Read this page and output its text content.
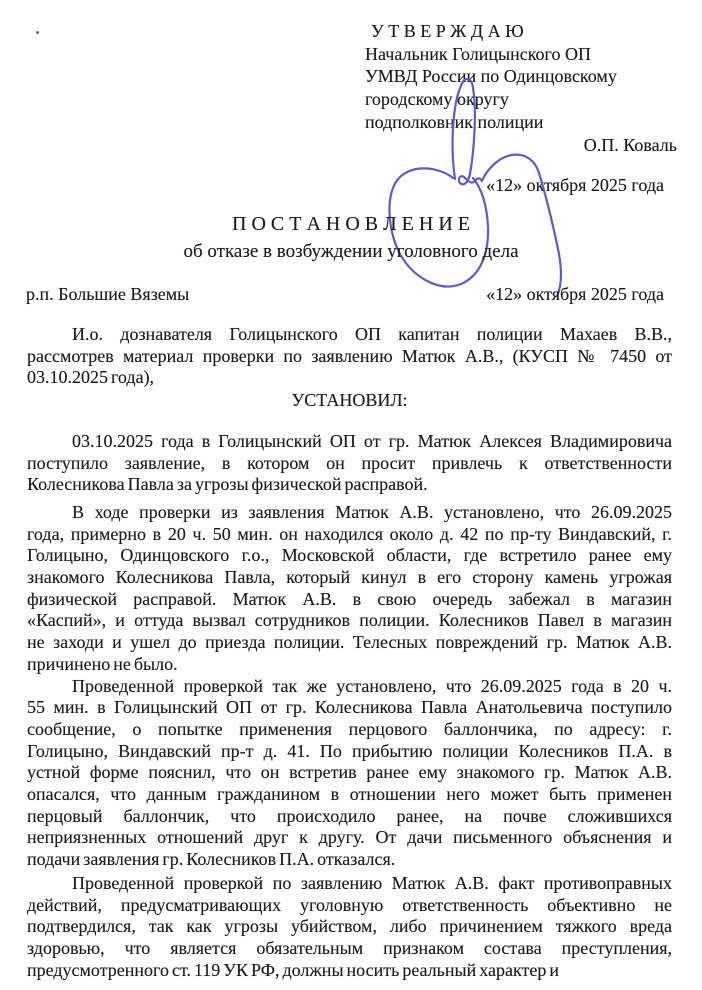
У Т В Е Р Ж Д А Ю
Начальник Голицынского ОП
УМВД России по Одинцовскому
городскому округу
подполковник полиции
О.П. Коваль
«12» октября 2025 года
П О С Т А Н О В Л Е Н И Е
об отказе в возбуждении уголовного дела
р.п. Большие Вяземы	«12» октября 2025 года
И.о. дознавателя Голицынского ОП капитан полиции Махаев В.В.,
рассмотрев материал проверки по заявлению Матюк А.В., (КУСП № 7450 от
03.10.2025 года),
УСТАНОВИЛ:
03.10.2025 года в Голицынский ОП от гр. Матюк Алексея Владимировича
поступило заявление, в котором он просит привлечь к ответственности
Колесникова Павла за угрозы физической расправой.
В ходе проверки из заявления Матюк А.В. установлено, что 26.09.2025
года, примерно в 20 ч. 50 мин. он находился около д. 42 по пр-ту Виндавский, г.
Голицыно, Одинцовского г.о., Московской области, где встретило ранее ему
знакомого Колесникова Павла, который кинул в его сторону камень угрожая
физической расправой. Матюк А.В. в свою очередь забежал в магазин
«Каспий», и оттуда вызвал сотрудников полиции. Колесников Павел в магазин
не заходи и ушел до приезда полиции. Телесных повреждений гр. Матюк А.В.
причинено не было.
Проведенной проверкой так же установлено, что 26.09.2025 года в 20 ч.
55 мин. в Голицынский ОП от гр. Колесникова Павла Анатольевича поступило
сообщение, о попытке применения перцового баллончика, по адресу: г.
Голицыно, Виндавский пр-т д. 41. По прибытию полиции Колесников П.А. в
устной форме пояснил, что он встретив ранее ему знакомого гр. Матюк А.В.
опасался, что данным гражданином в отношении него может быть применен
перцовый баллончик, что происходило ранее, на почве сложившихся
неприязненных отношений друг к другу. От дачи письменного объяснения и
подачи заявления гр. Колесников П.А. отказался.
Проведенной проверкой по заявлению Матюк А.В. факт противоправных
действий, предусматривающих уголовную ответственность объективно не
подтвердился, так как угрозы убийством, либо причинением тяжкого вреда
здоровью, что является обязательным признаком состава преступления,
предусмотренного ст. 119 УК РФ, должны носить реальный характер и
